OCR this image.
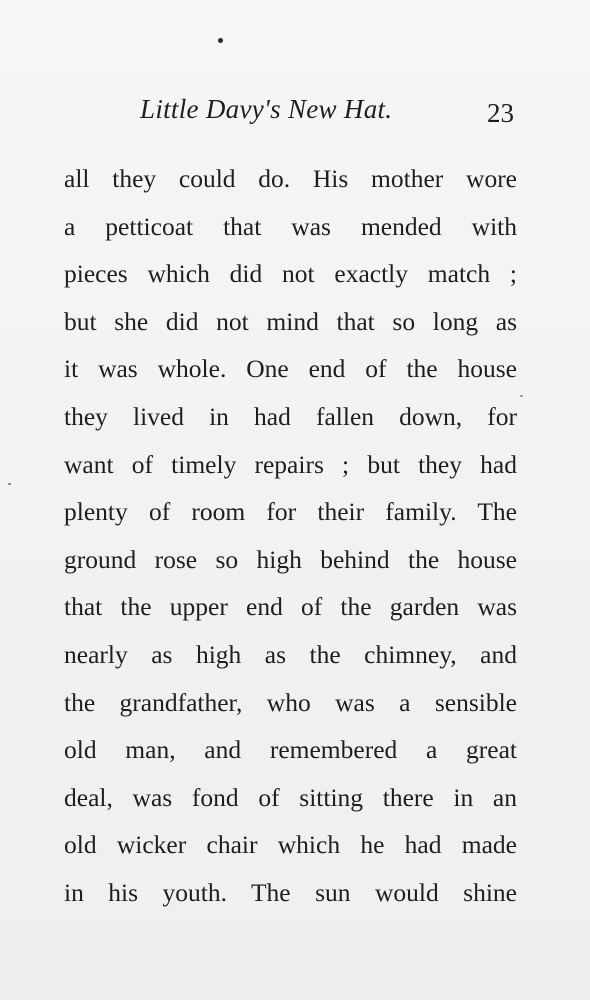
Little Davy's New Hat.	23
all they could do. His mother wore
a petticoat that was mended with
pieces which did not exactly match ;
but she did not mind that so long as
it was whole. One end of the house
they lived in had fallen down, for
want of timely repairs ; but they had
plenty of room for their family. The
ground rose so high behind the house
that the upper end of the garden was
nearly as high as the chimney, and
the grandfather, who was a sensible
old man, and remembered a great
deal, was fond of sitting there in an
old wicker chair which he had made
in his youth. The sun would shine
